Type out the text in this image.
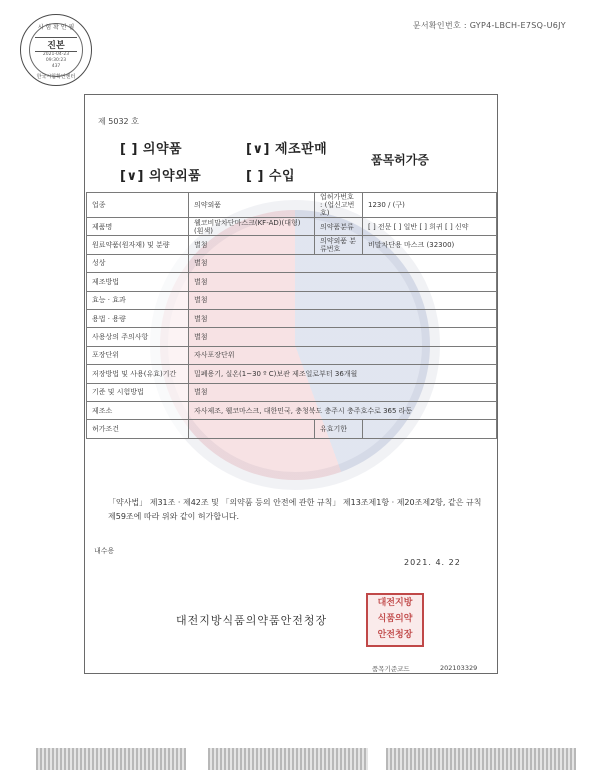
문서확인번호 : GYP4-LBCH-E7SQ-U6JY
시 험 확 인 필
진본
2021-04-23
09:30:23
437
한국시험확인센터
제 5032 호
[ ] 의약품	[∨] 제조판매
[∨] 의약외품	[ ] 수입
품목허가증
업종	의약외품	업허가번호 : (업신고번호)	1230 / (구)
제품명	웰코비말차단마스크(KF-AD)(대형)(흰색)	의약품분류	[ ] 전문 [ ] 일반 [ ] 희귀 [ ] 신약
원료약품(원자재) 및 분량	별첨	의약외품 분류번호	비말차단용 마스크 (32300)
성상	별첨		
제조방법	별첨		
효능 · 효과	별첨		
용법 · 용량	별첨		
사용상의 주의사항	별첨		
포장단위	자사포장단위		
저장방법 및 사용(유효)기간	밀폐용기, 실온(1~30 º C)보관 제조일로부터 36개월		
기준 및 시험방법	별첨		
제조소	자사제조, 웰코마스크, 대한민국, 충청북도 충주시 충주호수로 365 라동		
허가조건		유효기한	
「약사법」 제31조 · 제42조 및 「의약품 등의 안전에 관한 규칙」 제13조제1항 · 제20조제2항, 같은 규칙 제59조에 따라 위와 같이 허가합니다.
내수용
2021. 4. 22
대전지방식품의약품안전청장
대전지방
식품의약
안전청장
품목기준코드	202103329
